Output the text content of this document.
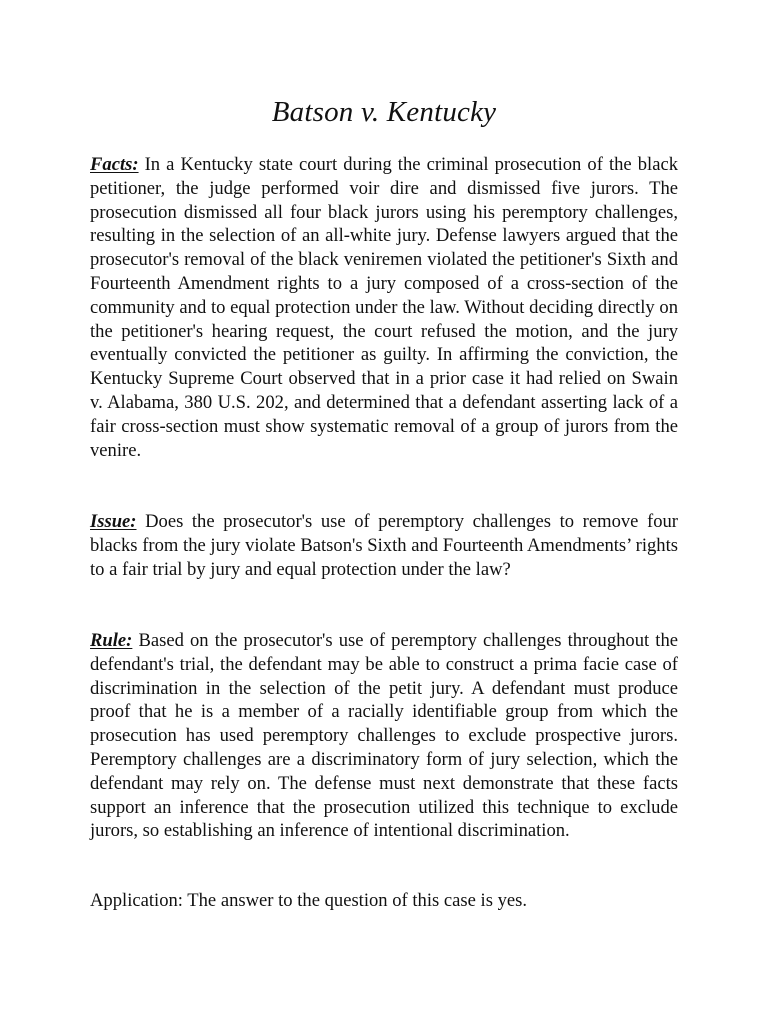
Batson v. Kentucky

Facts: In a Kentucky state court during the criminal prosecution of the black petitioner, the judge performed voir dire and dismissed five jurors. The prosecution dismissed all four black jurors using his peremptory challenges, resulting in the selection of an all-white jury. Defense lawyers argued that the prosecutor's removal of the black veniremen violated the petitioner's Sixth and Fourteenth Amendment rights to a jury composed of a cross-section of the community and to equal protection under the law. Without deciding directly on the petitioner's hearing request, the court refused the motion, and the jury eventually convicted the petitioner as guilty. In affirming the conviction, the Kentucky Supreme Court observed that in a prior case it had relied on Swain v. Alabama, 380 U.S. 202, and determined that a defendant asserting lack of a fair cross-section must show systematic removal of a group of jurors from the venire.

Issue: Does the prosecutor's use of peremptory challenges to remove four blacks from the jury violate Batson's Sixth and Fourteenth Amendments’ rights to a fair trial by jury and equal protection under the law?

Rule: Based on the prosecutor's use of peremptory challenges throughout the defendant's trial, the defendant may be able to construct a prima facie case of discrimination in the selection of the petit jury. A defendant must produce proof that he is a member of a racially identifiable group from which the prosecution has used peremptory challenges to exclude prospective jurors. Peremptory challenges are a discriminatory form of jury selection, which the defendant may rely on. The defense must next demonstrate that these facts support an inference that the prosecution utilized this technique to exclude jurors, so establishing an inference of intentional discrimination.

Application: The answer to the question of this case is yes.
